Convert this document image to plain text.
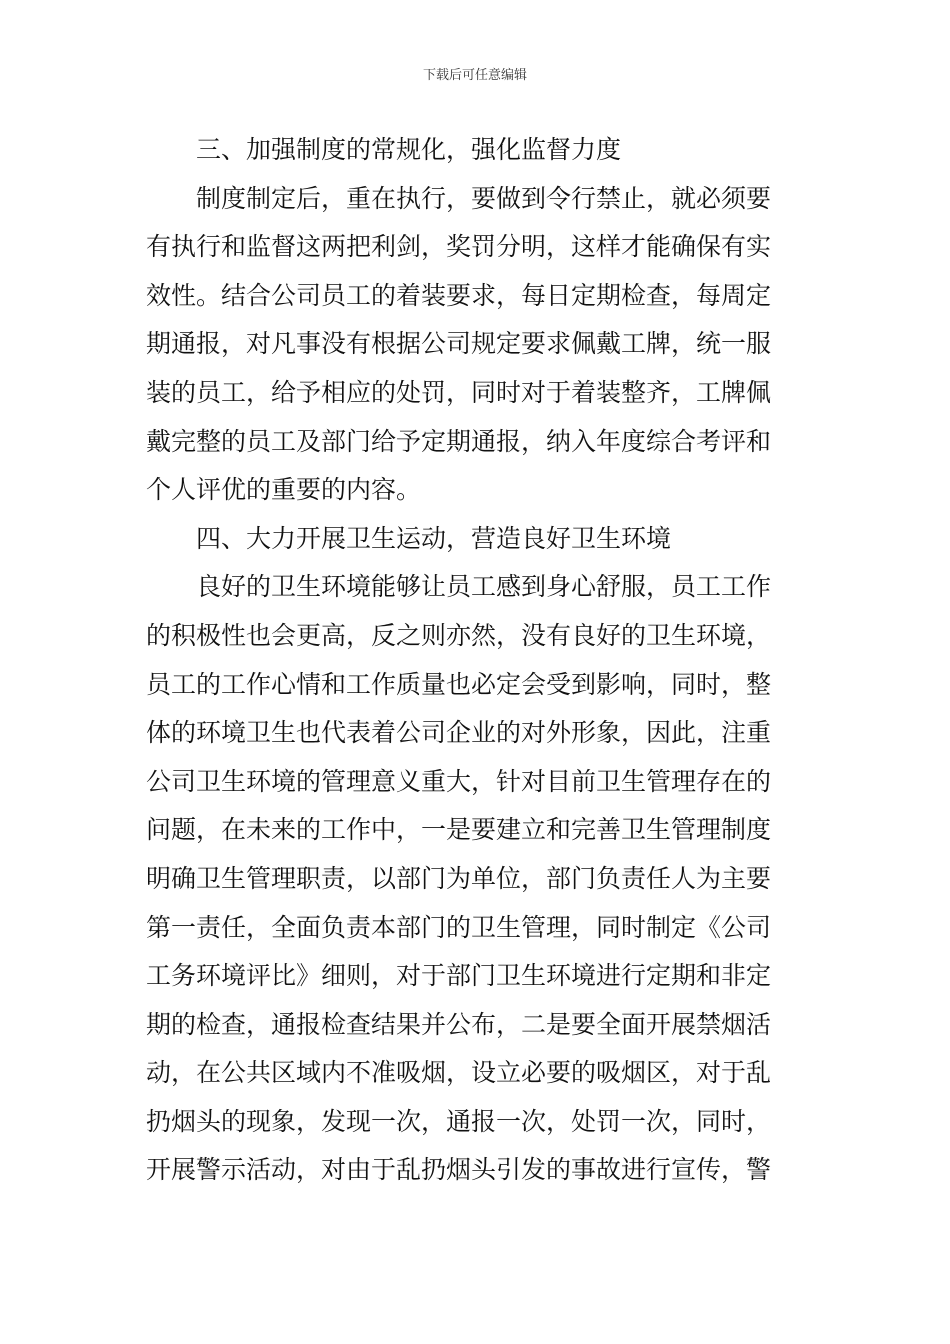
下载后可任意编辑
　　三、加强制度的常规化，强化监督力度
　　制度制定后，重在执行，要做到令行禁止，就必须要
有执行和监督这两把利剑，奖罚分明，这样才能确保有实
效性。结合公司员工的着装要求，每日定期检查，每周定
期通报，对凡事没有根据公司规定要求佩戴工牌，统一服
装的员工，给予相应的处罚，同时对于着装整齐，工牌佩
戴完整的员工及部门给予定期通报，纳入年度综合考评和
个人评优的重要的内容。
　　四、大力开展卫生运动，营造良好卫生环境
　　良好的卫生环境能够让员工感到身心舒服，员工工作
的积极性也会更高，反之则亦然，没有良好的卫生环境，
员工的工作心情和工作质量也必定会受到影响，同时，整
体的环境卫生也代表着公司企业的对外形象，因此，注重
公司卫生环境的管理意义重大，针对目前卫生管理存在的
问题，在未来的工作中，一是要建立和完善卫生管理制度
明确卫生管理职责，以部门为单位，部门负责任人为主要
第一责任，全面负责本部门的卫生管理，同时制定《公司
工务环境评比》细则，对于部门卫生环境进行定期和非定
期的检查，通报检查结果并公布，二是要全面开展禁烟活
动，在公共区域内不准吸烟，设立必要的吸烟区，对于乱
扔烟头的现象，发现一次，通报一次，处罚一次，同时，
开展警示活动，对由于乱扔烟头引发的事故进行宣传，警
